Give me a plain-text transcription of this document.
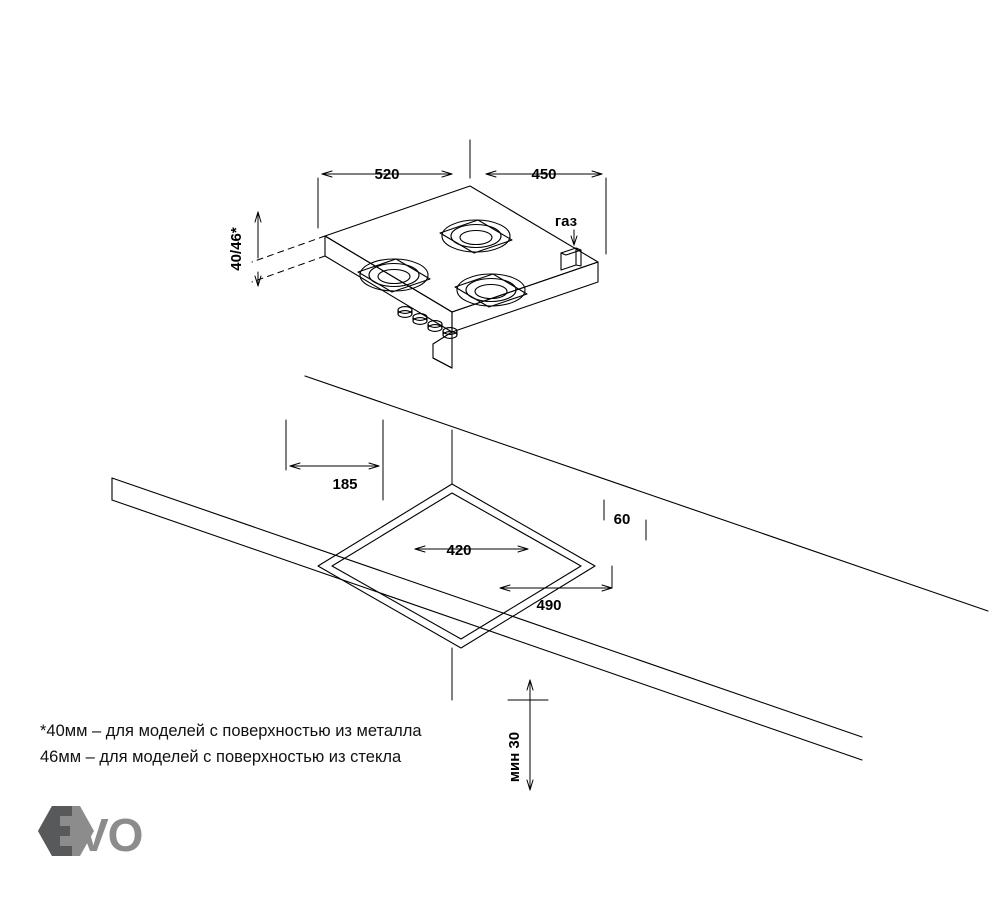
520	450
40/46*
газ
185
420
490
60
мин 30
*40мм – для моделей с поверхностью из металла
46мм – для моделей с поверхностью из стекла
VO
